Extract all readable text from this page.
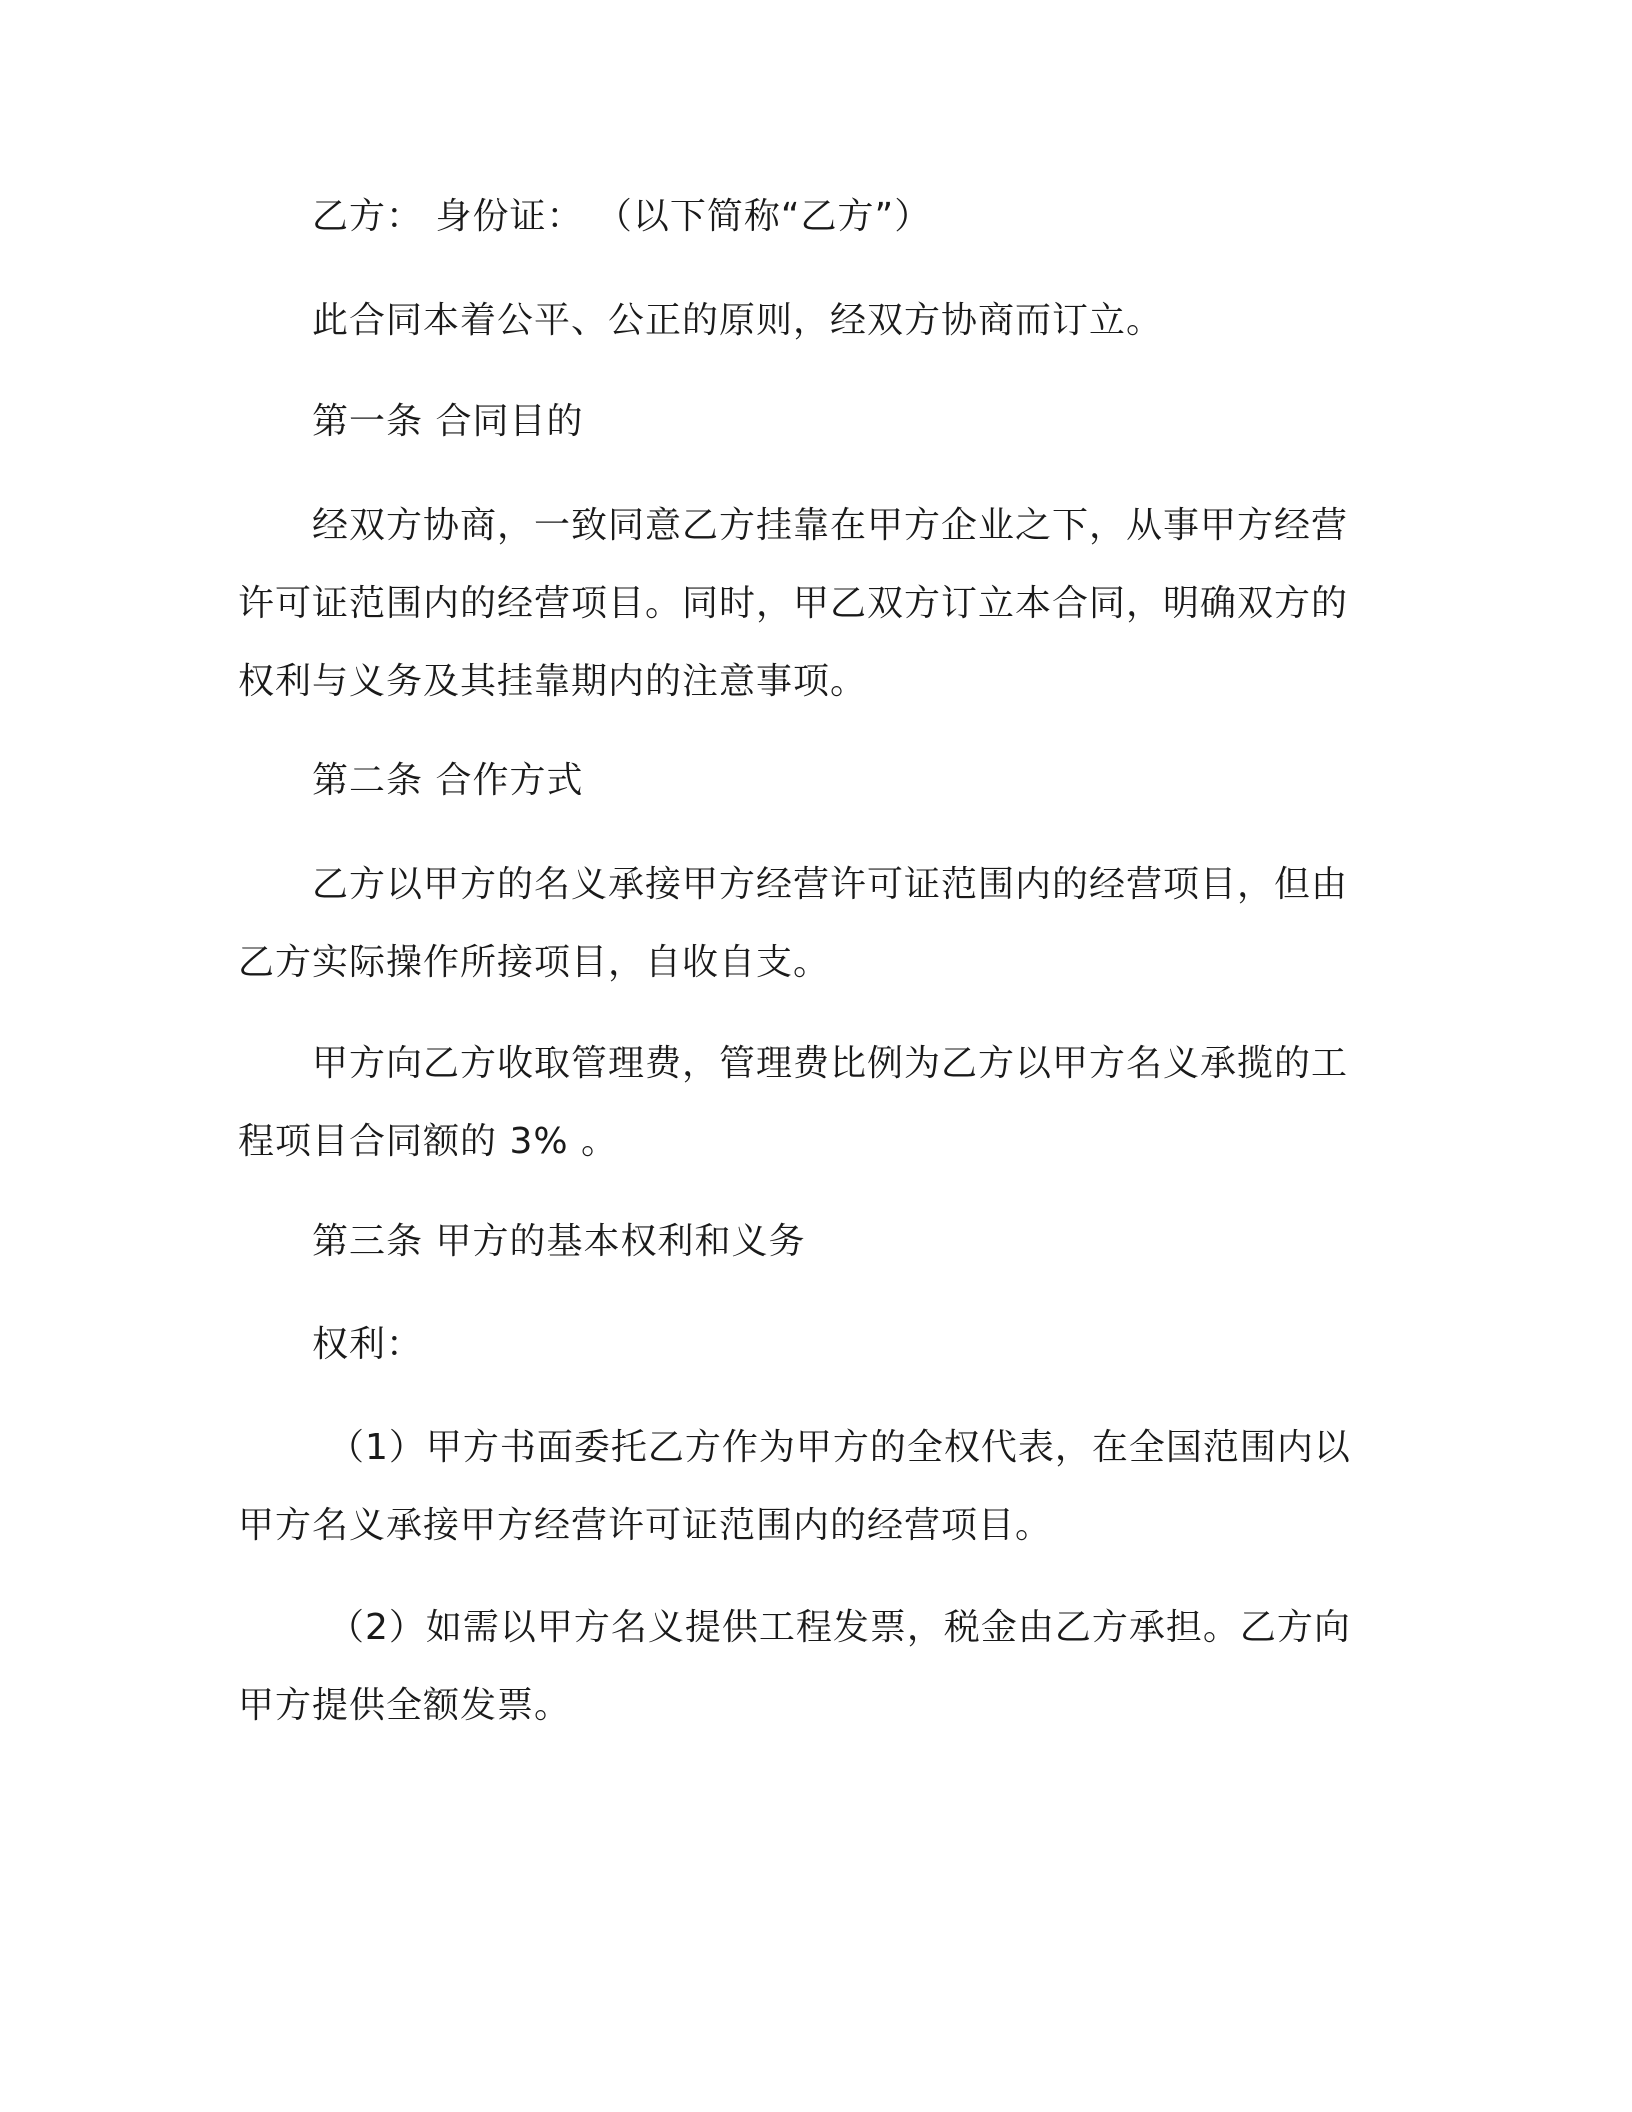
乙方： 身份证： （以下简称“乙方”）

此合同本着公平、公正的原则，经双方协商而订立。

第一条 合同目的

经双方协商，一致同意乙方挂靠在甲方企业之下，从事甲方经营许可证范围内的经营项目。同时，甲乙双方订立本合同，明确双方的权利与义务及其挂靠期内的注意事项。

第二条 合作方式

乙方以甲方的名义承接甲方经营许可证范围内的经营项目，但由乙方实际操作所接项目，自收自支。

甲方向乙方收取管理费，管理费比例为乙方以甲方名义承揽的工程项目合同额的 3% 。

第三条 甲方的基本权利和义务

权利：

（1）甲方书面委托乙方作为甲方的全权代表，在全国范围内以甲方名义承接甲方经营许可证范围内的经营项目。

（2）如需以甲方名义提供工程发票，税金由乙方承担。乙方向甲方提供全额发票。
